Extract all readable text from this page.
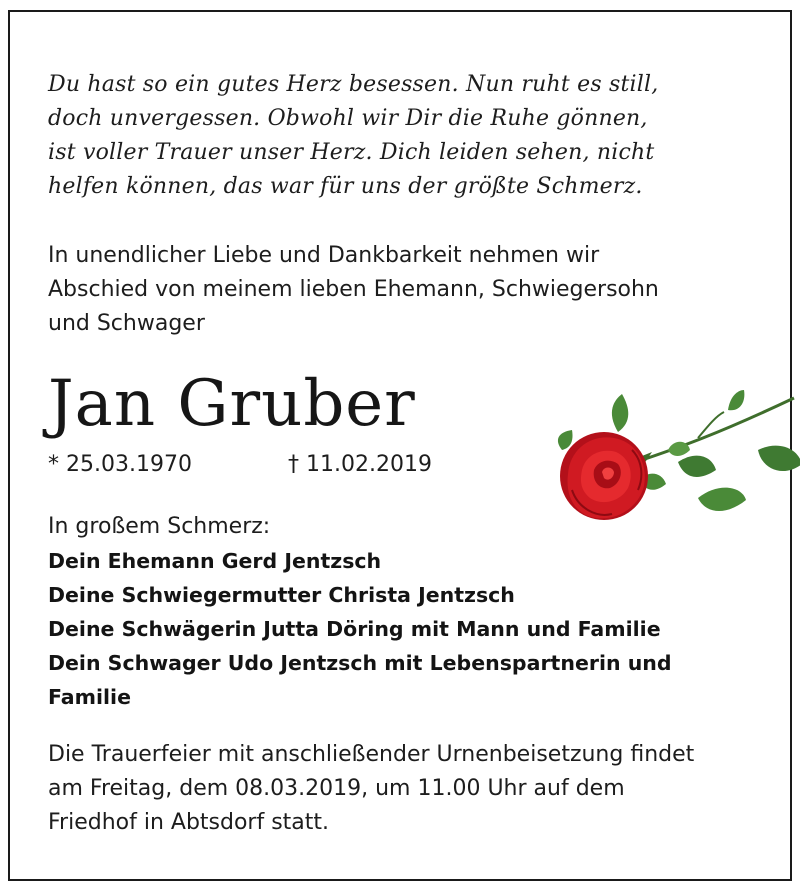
Du hast so ein gutes Herz besessen. Nun ruht es still,
doch unvergessen. Obwohl wir Dir die Ruhe gönnen,
ist voller Trauer unser Herz. Dich leiden sehen, nicht
helfen können, das war für uns der größte Schmerz.
In unendlicher Liebe und Dankbarkeit nehmen wir
Abschied von meinem lieben Ehemann, Schwiegersohn
und Schwager
Jan Gruber
* 25.03.1970	† 11.02.2019
In großem Schmerz:
Dein Ehemann Gerd Jentzsch
Deine Schwiegermutter Christa Jentzsch
Deine Schwägerin Jutta Döring mit Mann und Familie
Dein Schwager Udo Jentzsch mit Lebenspartnerin und
Familie
Die Trauerfeier mit anschließender Urnenbeisetzung findet
am Freitag, dem 08.03.2019, um 11.00 Uhr auf dem
Friedhof in Abtsdorf statt.
